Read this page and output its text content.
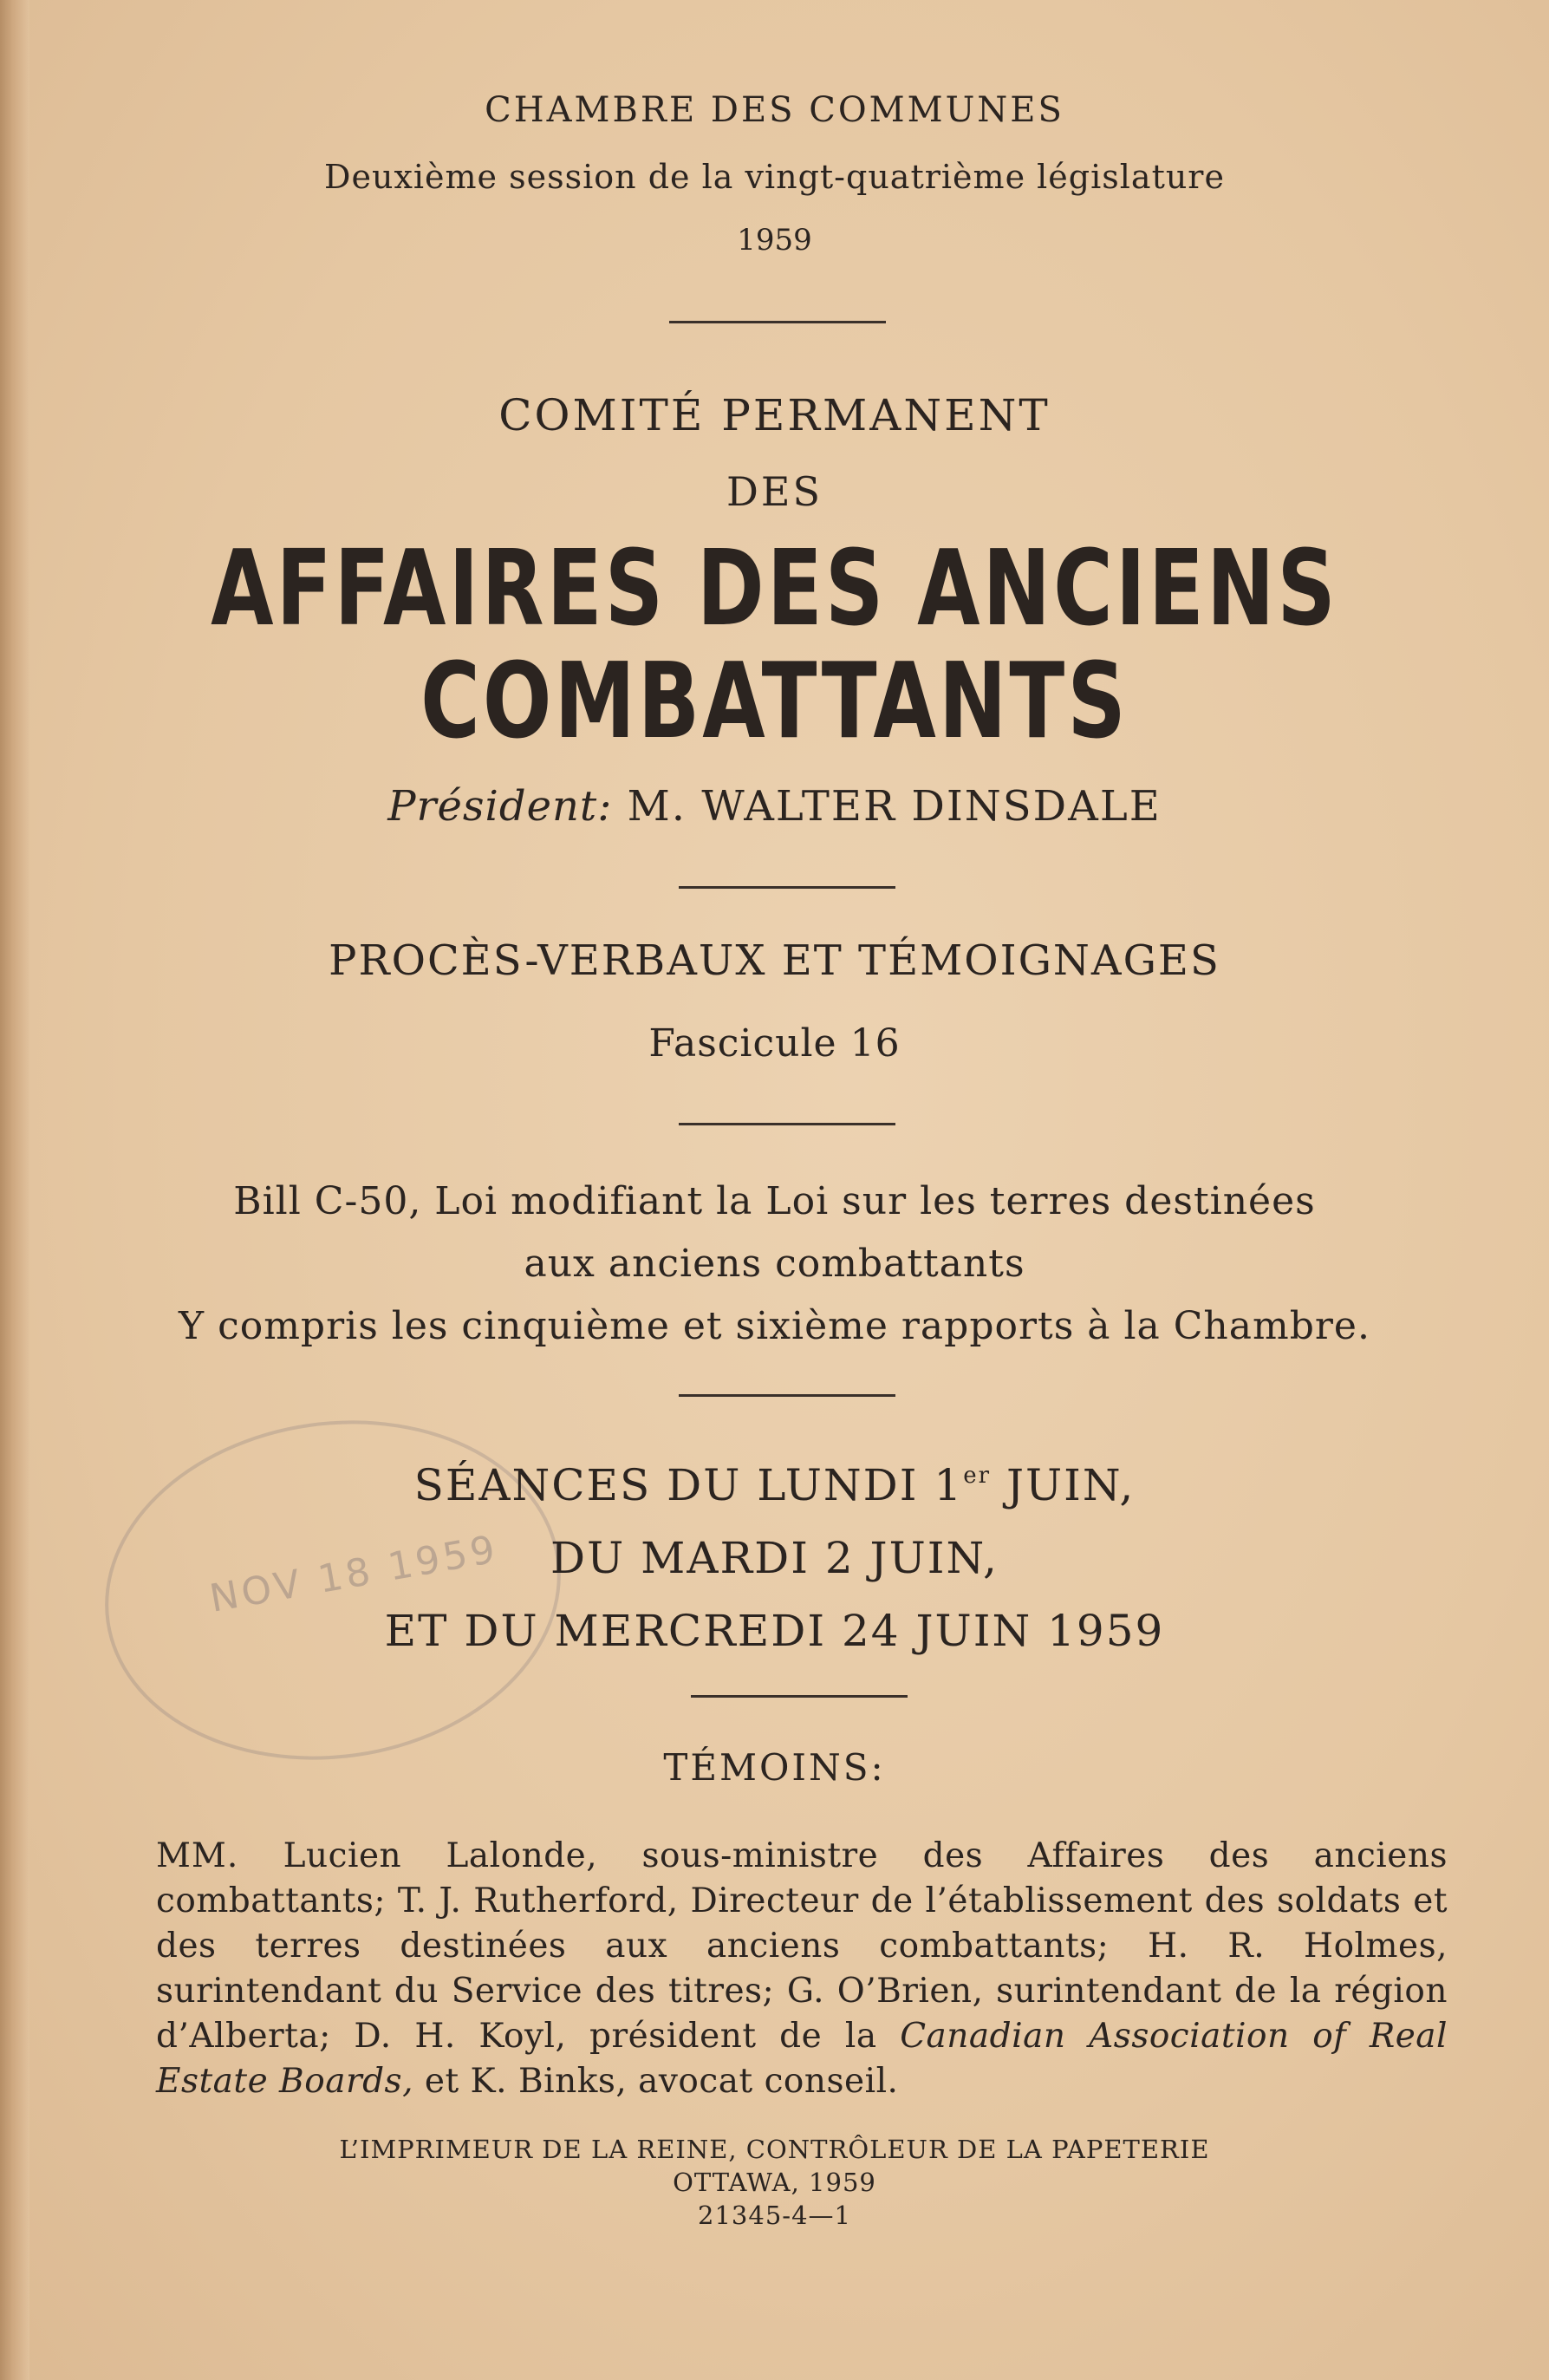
NOV 18 1959

CHAMBRE DES COMMUNES

Deuxième session de la vingt-quatrième législature

1959

COMITÉ PERMANENT

DES

AFFAIRES DES ANCIENS

COMBATTANTS

Président: M. WALTER DINSDALE

PROCÈS-VERBAUX ET TÉMOIGNAGES

Fascicule 16

Bill C-50, Loi modifiant la Loi sur les terres destinées
aux anciens combattants
Y compris les cinquième et sixième rapports à la Chambre.
SÉANCES DU LUNDI 1er JUIN,
DU MARDI 2 JUIN,
ET DU MERCREDI 24 JUIN 1959

TÉMOINS:

MM. Lucien Lalonde, sous-ministre des Affaires des anciens combattants; T. J. Rutherford, Directeur de l’établissement des soldats et des terres destinées aux anciens combattants; H. R. Holmes, surintendant du Service des titres; G. O’Brien, surintendant de la région d’Alberta; D. H. Koyl, président de la Canadian Association of Real Estate Boards, et K. Binks, avocat conseil.

L’IMPRIMEUR DE LA REINE, CONTRÔLEUR DE LA PAPETERIE
OTTAWA, 1959
21345-4—1
